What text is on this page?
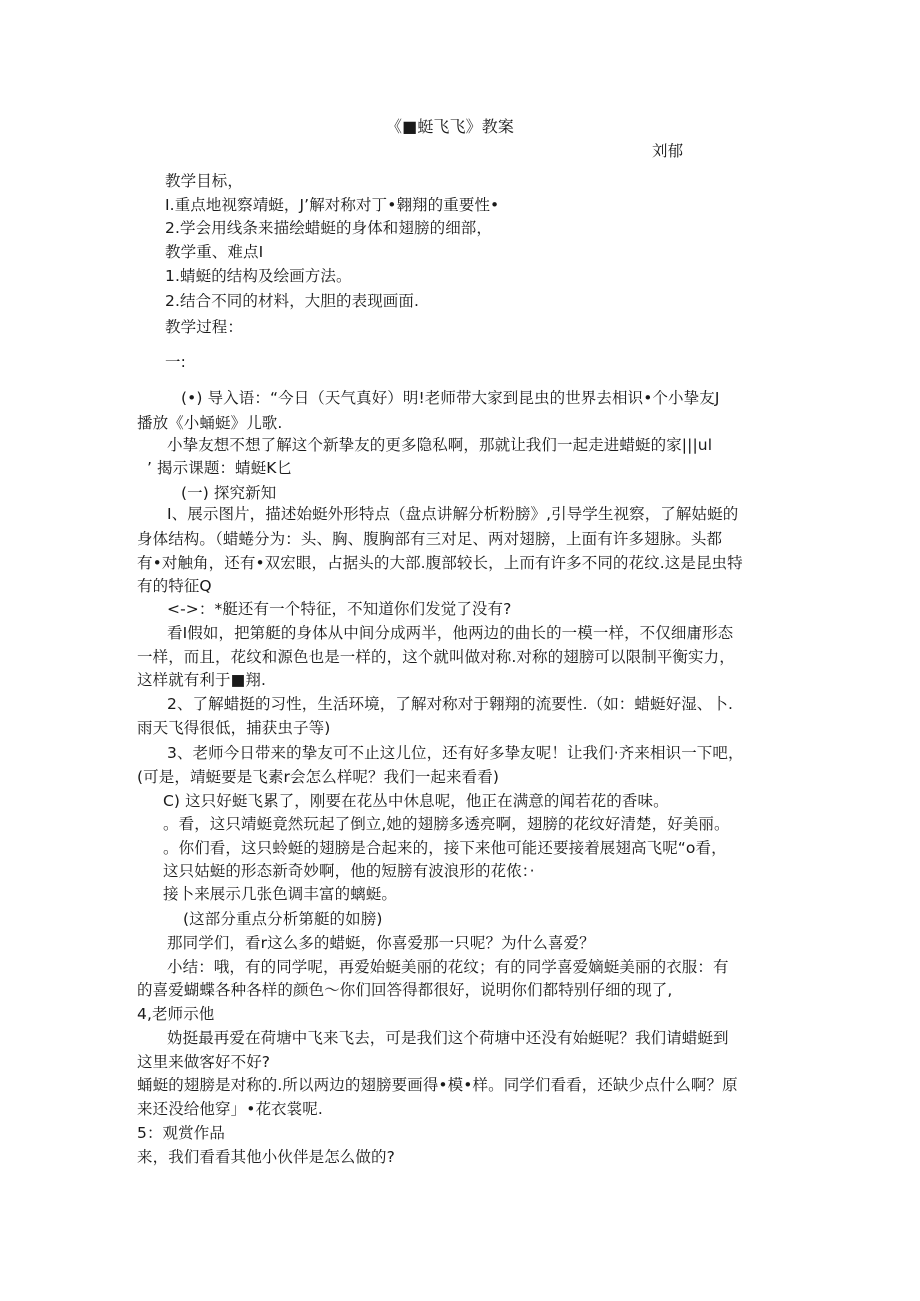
《■蜓飞飞》教案

刘郁

教学目标，

I.重点地视察靖蜓，J’解对称对丁•翱翔的重要性•

2.学会用线条来描绘蜡蜓的身体和翅膀的细部，

教学重、难点I

1.蜻蜓的结构及绘画方法。

2.结合不同的材料，大胆的表现画面.

教学过程：

一:

(•) 导入语：“今日（天气真好）明!老师带大家到昆虫的世界去相识•个小挚友J

播放《小蛹蜓》儿歌.

小挚友想不想了解这个新挚友的更多隐私啊，那就让我们一起走进蜡蜓的家|||ul

’ 揭示课题：蜻蜓K匕

(一) 探究新知

I、展示图片，描述始蜓外形特点（盘点讲解分析粉膀》,引导学生视察，了解姑蜓的

身体结构。（蜡蜷分为：头、胸、腹胸部有三对足、两对翅膀，上面有许多翅脉。头都

有•对触角，还有•双宏眼，占据头的大部.腹部较长，上而有许多不同的花纹.这是昆虫特

有的特征Q

<->：*艇还有一个特征，不知道你们发觉了没有?

看I假如，把第艇的身体从中间分成两半，他两边的曲长的一模一样，不仅细庸形态

一样，而且，花纹和源色也是一样的，这个就叫做对称.对称的翅膀可以限制平衡实力，

这样就有利于■翔.

2、了解蜡挺的习性，生活环境，了解对称对于翱翔的流要性.（如：蜡蜓好湿、卜.

雨天飞得很低，捕获虫子等)

3、老师今日带来的挚友可不止这儿位，还有好多挚友呢！让我们·齐来相识一下吧，

(可是，靖蜓要是飞素r会怎么样呢？我们一起来看看)

C) 这只好蜓飞累了，刚要在花丛中休息呢，他正在满意的闻若花的香味。

。看，这只靖蜓竟然玩起了倒立,她的翅膀多透亮啊，翅膀的花纹好清楚，好美丽。

。你们看，这只蛉蜓的翅膀是合起来的，接下来他可能还要接着展翅高飞呢“o看，

这只姑蜓的形态新奇妙啊，他的短膀有波浪形的花侬：·

接卜来展示几张色调丰富的螭蜓。

(这部分重点分析第艇的如膀)

那同学们，看r这么多的蜡蜓，你喜爱那一只呢？为什么喜爱？

小结：哦，有的同学呢，再爱始蜓美丽的花纹；有的同学喜爱嫡蜓美丽的衣服：有

的喜爱蝴蝶各种各样的颜色～你们回答得都很好，说明你们都特别仔细的现了,

4,老师示他

妫挺最再爱在荷塘中飞来飞去，可是我们这个荷塘中还没有始蜓呢？我们请蜡蜓到

这里来做客好不好?

蛹蜓的翅膀是对称的.所以两边的翅膀要画得•模•样。同学们看看，还缺少点什么啊？原

来还没给他穿」•花衣裳呢.

5：观赏作品

来，我们看看其他小伙伴是怎么做的?
